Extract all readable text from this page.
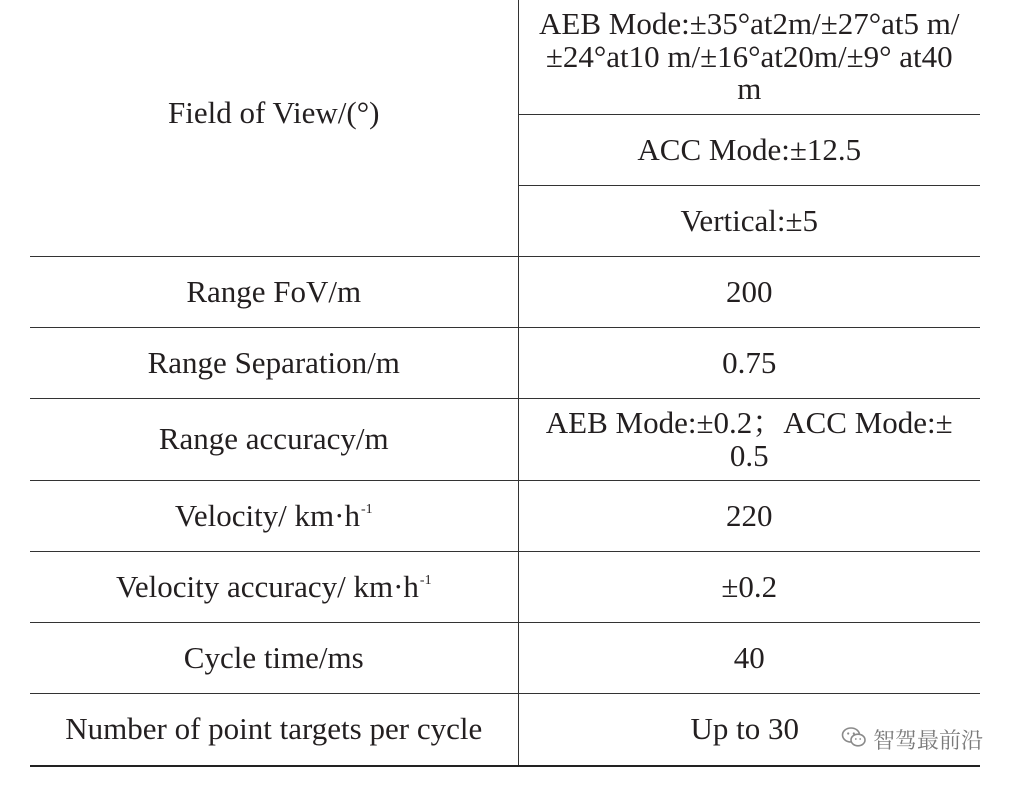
Field of View/(°)	AEB Mode:±35°at2m/±27°at5 m/±24°at10 m/±16°at20m/±9° at40 m
ACC Mode:±12.5
Vertical:±5

Range FoV/m	200
Range Separation/m	0.75
Range accuracy/m	AEB Mode:±0.2；ACC Mode:± 0.5
Velocity/ $km\cdot h^{-1}$	220
Velocity accuracy/ $km\cdot h^{-1}$	±0.2
Cycle time/ms	40
Number of point targets per cycle	Up to 30	智驾最前沿
